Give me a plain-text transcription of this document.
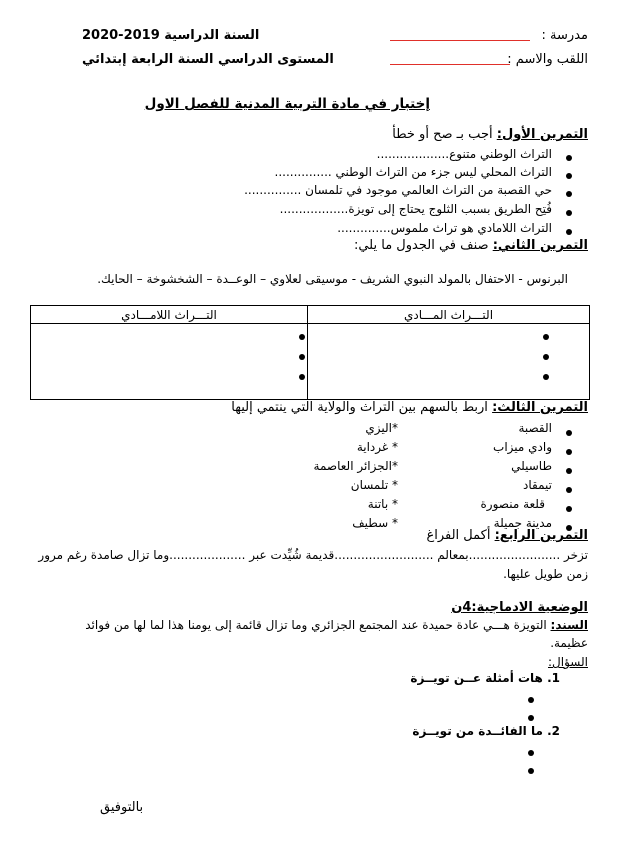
مدرسة :
اللقب والاسم :
السنة الدراسية 2020-2019
المستوى الدراسي السنة الرابعة إبتدائي
إختبار في مادة التربية المدنية للفصل الاول
التمرين الأول: أجب بـ صح أو خطأ
التراث الوطني متنوع...................
التراث المحلي ليس جزء من التراث الوطني ...............
حي القصبة من التراث العالمي موجود في تلمسان ...............
فُتِح الطريق بسبب الثلوج يحتاج إلى تويزة..................
التراث اللامادي هو تراث ملموس..............
التمرين الثاني: صنف في الجدول ما يلي:
البرنوس - الاحتفال بالمولد النبوي الشريف - موسيقى لعلاوي – الوعــدة – الشخشوخة – الحايك.
التـــراث المـــادي	التـــراث اللامـــادي

التمرين الثالث: اربط بالسهم بين التراث والولاية التي ينتمي إليها
القصبة
وادي ميزاب
طاسيلي
تيمقاد
قلعة منصورة
مدينة جميلة
*اليزي
* غرداية
*الجزائر العاصمة
* تلمسان
* باتنة
* سطيف
التمرين الرابع: أكمل الفراغ
تزخر ........................بمعالم ..........................قديمة شُيِّدت عبر ....................وما تزال صامدة رغم مرور
زمن طويل عليها.
الوضعية الادماجية:4ن
السند: التويزة هـــي عادة حميدة عند المجتمع الجزائري وما تزال قائمة إلى يومنا هذا لما لها من فوائد
عظيمة.
السؤال:
1. هات أمثلة عــن تويــزة
2. ما الفائــدة من تويــزة
بالتوفيق
